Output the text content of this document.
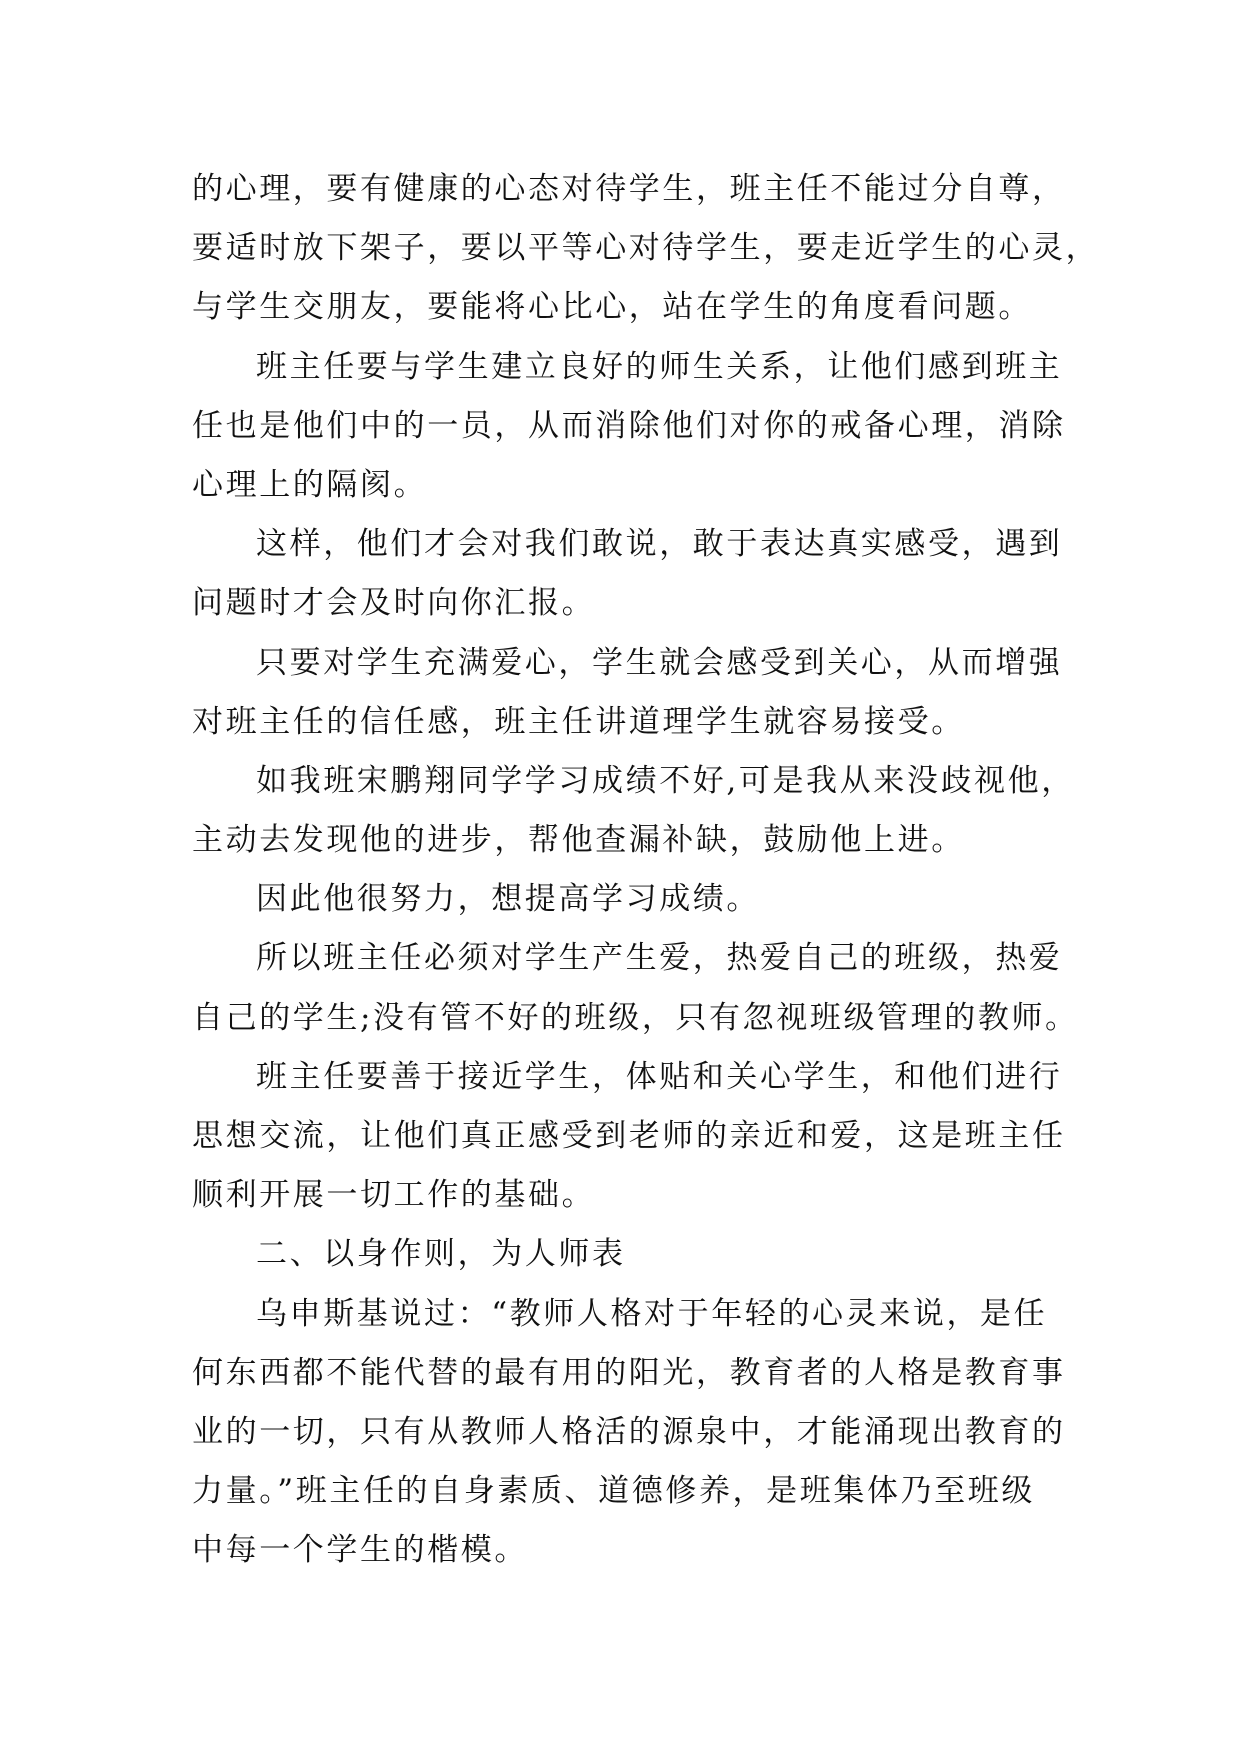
的心理，要有健康的心态对待学生，班主任不能过分自尊，
要适时放下架子，要以平等心对待学生，要走近学生的心灵，
与学生交朋友，要能将心比心，站在学生的角度看问题。
班主任要与学生建立良好的师生关系，让他们感到班主
任也是他们中的一员，从而消除他们对你的戒备心理，消除
心理上的隔阂。
这样，他们才会对我们敢说，敢于表达真实感受，遇到
问题时才会及时向你汇报。
只要对学生充满爱心，学生就会感受到关心，从而增强
对班主任的信任感，班主任讲道理学生就容易接受。
如我班宋鹏翔同学学习成绩不好,可是我从来没歧视他，
主动去发现他的进步，帮他查漏补缺，鼓励他上进。
因此他很努力，想提高学习成绩。
所以班主任必须对学生产生爱，热爱自己的班级，热爱
自己的学生;没有管不好的班级，只有忽视班级管理的教师。
班主任要善于接近学生，体贴和关心学生，和他们进行
思想交流，让他们真正感受到老师的亲近和爱，这是班主任
顺利开展一切工作的基础。
二、以身作则，为人师表
乌申斯基说过：“教师人格对于年轻的心灵来说，是任
何东西都不能代替的最有用的阳光，教育者的人格是教育事
业的一切，只有从教师人格活的源泉中，才能涌现出教育的
力量。”班主任的自身素质、道德修养，是班集体乃至班级
中每一个学生的楷模。
